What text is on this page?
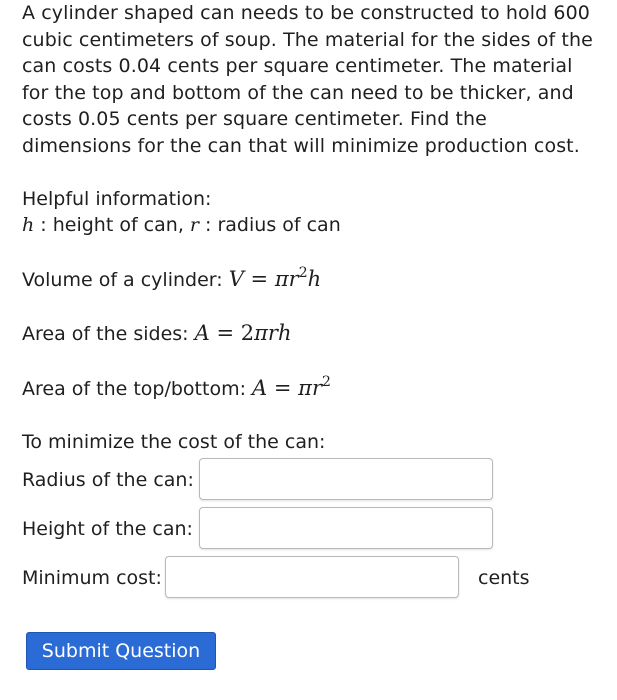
A cylinder shaped can needs to be constructed to hold 600 cubic centimeters of soup. The material for the sides of the can costs 0.04 cents per square centimeter. The material for the top and bottom of the can need to be thicker, and costs 0.05 cents per square centimeter. Find the dimensions for the can that will minimize production cost.
Helpful information:
h : height of can, r : radius of can
Volume of a cylinder: $V = \pi r^2h$
Area of the sides: A = 2πrh
Area of the top/bottom: $A = \pi r^2$
To minimize the cost of the can:
Radius of the can:
Height of the can:
Minimum cost:	cents
Submit Question
